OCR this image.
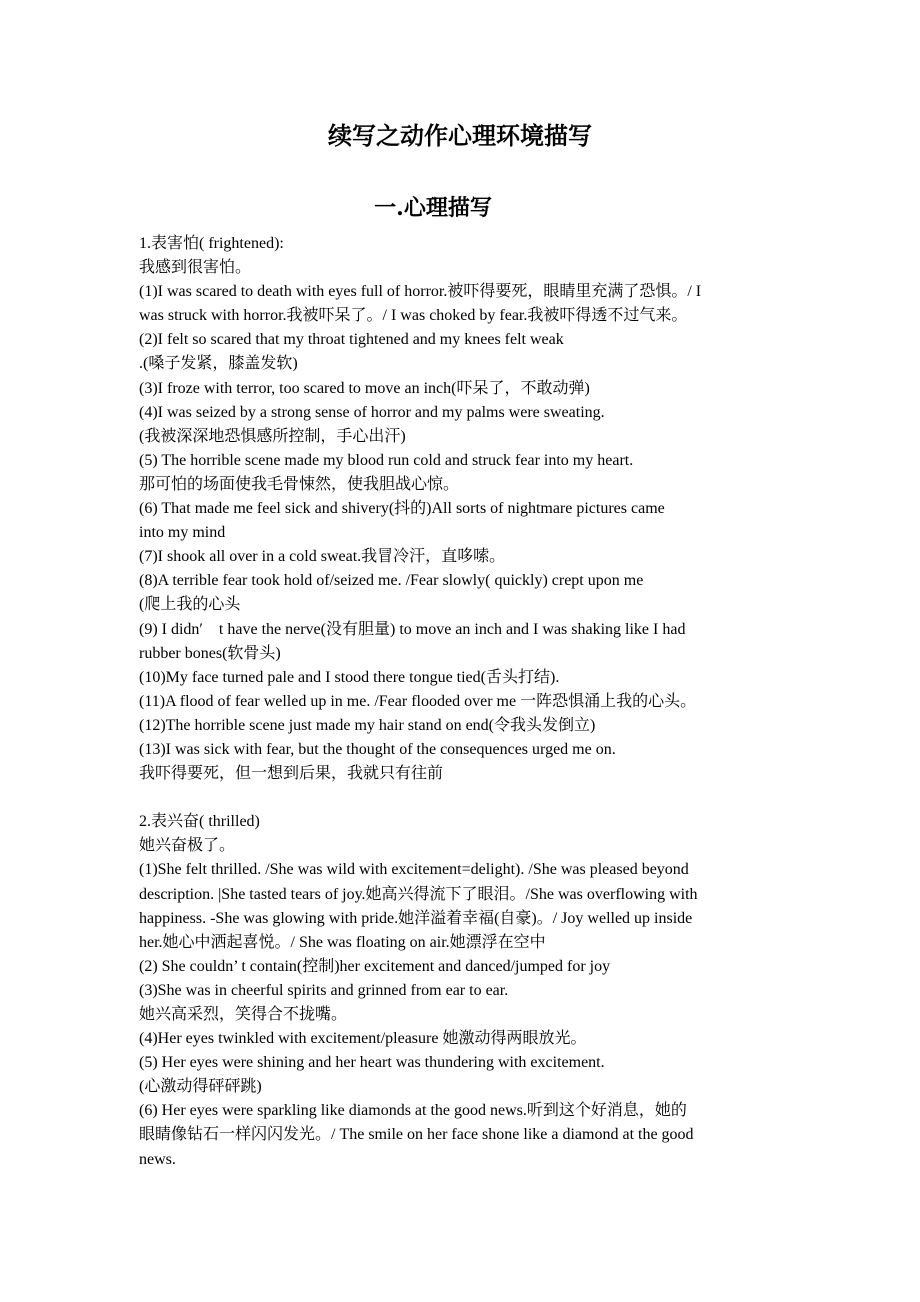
续写之动作心理环境描写
一.心理描写
1.表害怕( frightened):
我感到很害怕。
(1)I was scared to death with eyes full of horror.被吓得要死，眼睛里充满了恐惧。/ I
was struck with horror.我被吓呆了。/ I was choked by fear.我被吓得透不过气来。
(2)I felt so scared that my throat tightened and my knees felt weak
.(嗓子发紧，膝盖发软)
(3)I froze with terror, too scared to move an inch(吓呆了，不敢动弹)
(4)I was seized by a strong sense of horror and my palms were sweating.
(我被深深地恐惧感所控制，手心出汗)
(5) The horrible scene made my blood run cold and struck fear into my heart.
那可怕的场面使我毛骨悚然，使我胆战心惊。
(6) That made me feel sick and shivery(抖的)All sorts of nightmare pictures came
into my mind
(7)I shook all over in a cold sweat.我冒冷汗，直哆嗦。
(8)A terrible fear took hold of/seized me. /Fear slowly( quickly) crept upon me
(爬上我的心头
(9) I didn′　t have the nerve(没有胆量) to move an inch and I was shaking like I had
rubber bones(软骨头)
(10)My face turned pale and I stood there tongue tied(舌头打结).
(11)A flood of fear welled up in me. /Fear flooded over me 一阵恐惧涌上我的心头。
(12)The horrible scene just made my hair stand on end(令我头发倒立)
(13)I was sick with fear, but the thought of the consequences urged me on.
我吓得要死，但一想到后果，我就只有往前
2.表兴奋( thrilled)
她兴奋极了。
(1)She felt thrilled. /She was wild with excitement=delight). /She was pleased beyond
description. |She tasted tears of joy.她高兴得流下了眼泪。/She was overflowing with
happiness. -She was glowing with pride.她洋溢着幸福(自豪)。/ Joy welled up inside
her.她心中洒起喜悦。/ She was floating on air.她漂浮在空中
(2) She couldn’ t contain(控制)her excitement and danced/jumped for joy
(3)She was in cheerful spirits and grinned from ear to ear.
她兴高采烈，笑得合不拢嘴。
(4)Her eyes twinkled with excitement/pleasure 她激动得两眼放光。
(5) Her eyes were shining and her heart was thundering with excitement.
(心激动得砰砰跳)
(6) Her eyes were sparkling like diamonds at the good news.听到这个好消息，她的
眼睛像钻石一样闪闪发光。/ The smile on her face shone like a diamond at the good
news.
